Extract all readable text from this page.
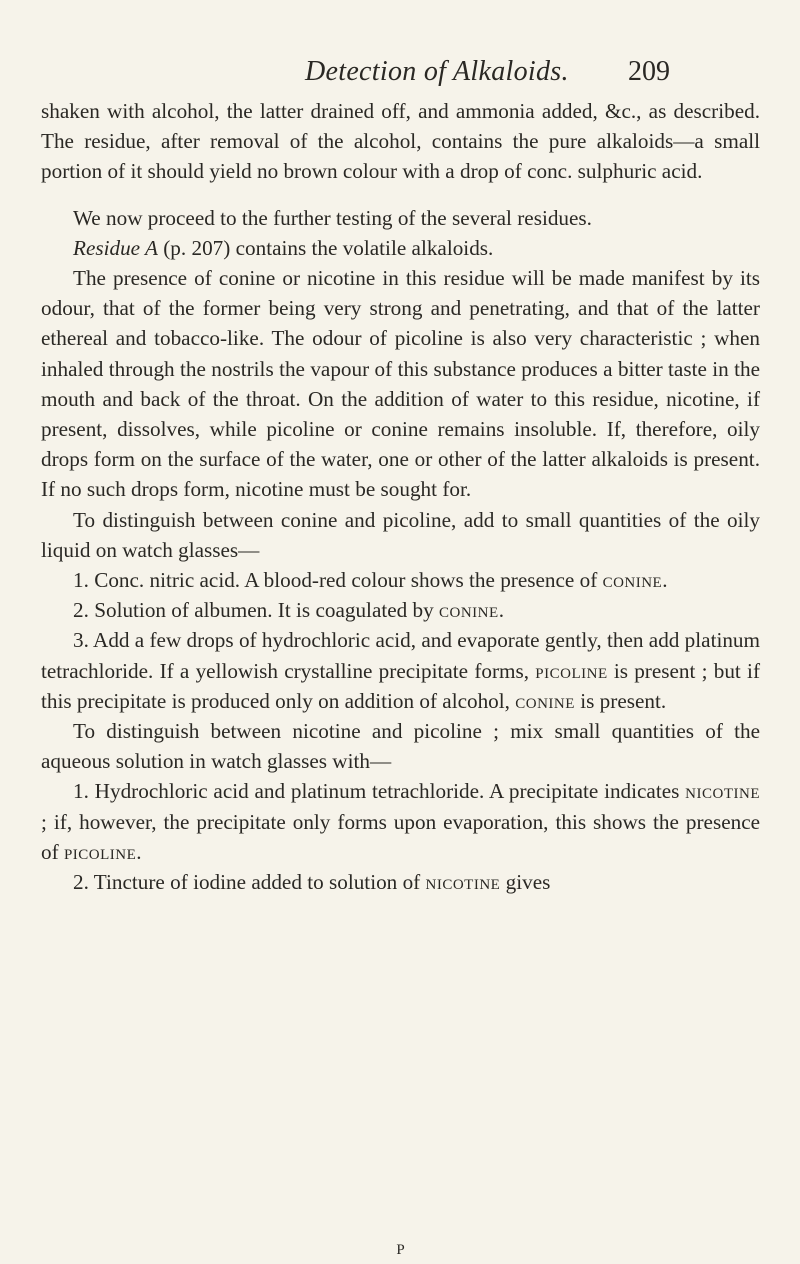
Detection of Alkaloids. 209

shaken with alcohol, the latter drained off, and ammonia added, &c., as described. The residue, after removal of the alcohol, contains the pure alkaloids—a small portion of it should yield no brown colour with a drop of conc. sulphuric acid.

We now proceed to the further testing of the several residues.

Residue A (p. 207) contains the volatile alkaloids.

The presence of conine or nicotine in this residue will be made manifest by its odour, that of the former being very strong and penetrating, and that of the latter ethereal and tobacco-like. The odour of picoline is also very characteristic ; when inhaled through the nostrils the vapour of this substance produces a bitter taste in the mouth and back of the throat. On the addition of water to this residue, nicotine, if present, dissolves, while picoline or conine remains insoluble. If, therefore, oily drops form on the surface of the water, one or other of the latter alkaloids is present. If no such drops form, nicotine must be sought for.

To distinguish between conine and picoline, add to small quantities of the oily liquid on watch glasses—

1. Conc. nitric acid. A blood-red colour shows the presence of conine.

2. Solution of albumen. It is coagulated by conine.

3. Add a few drops of hydrochloric acid, and evaporate gently, then add platinum tetrachloride. If a yellowish crystalline precipitate forms, picoline is present ; but if this precipitate is produced only on addition of alcohol, conine is present.

To distinguish between nicotine and picoline ; mix small quantities of the aqueous solution in watch glasses with—

1. Hydrochloric acid and platinum tetrachloride. A precipitate indicates nicotine ; if, however, the precipitate only forms upon evaporation, this shows the presence of picoline.

2. Tincture of iodine added to solution of nicotine gives

P
